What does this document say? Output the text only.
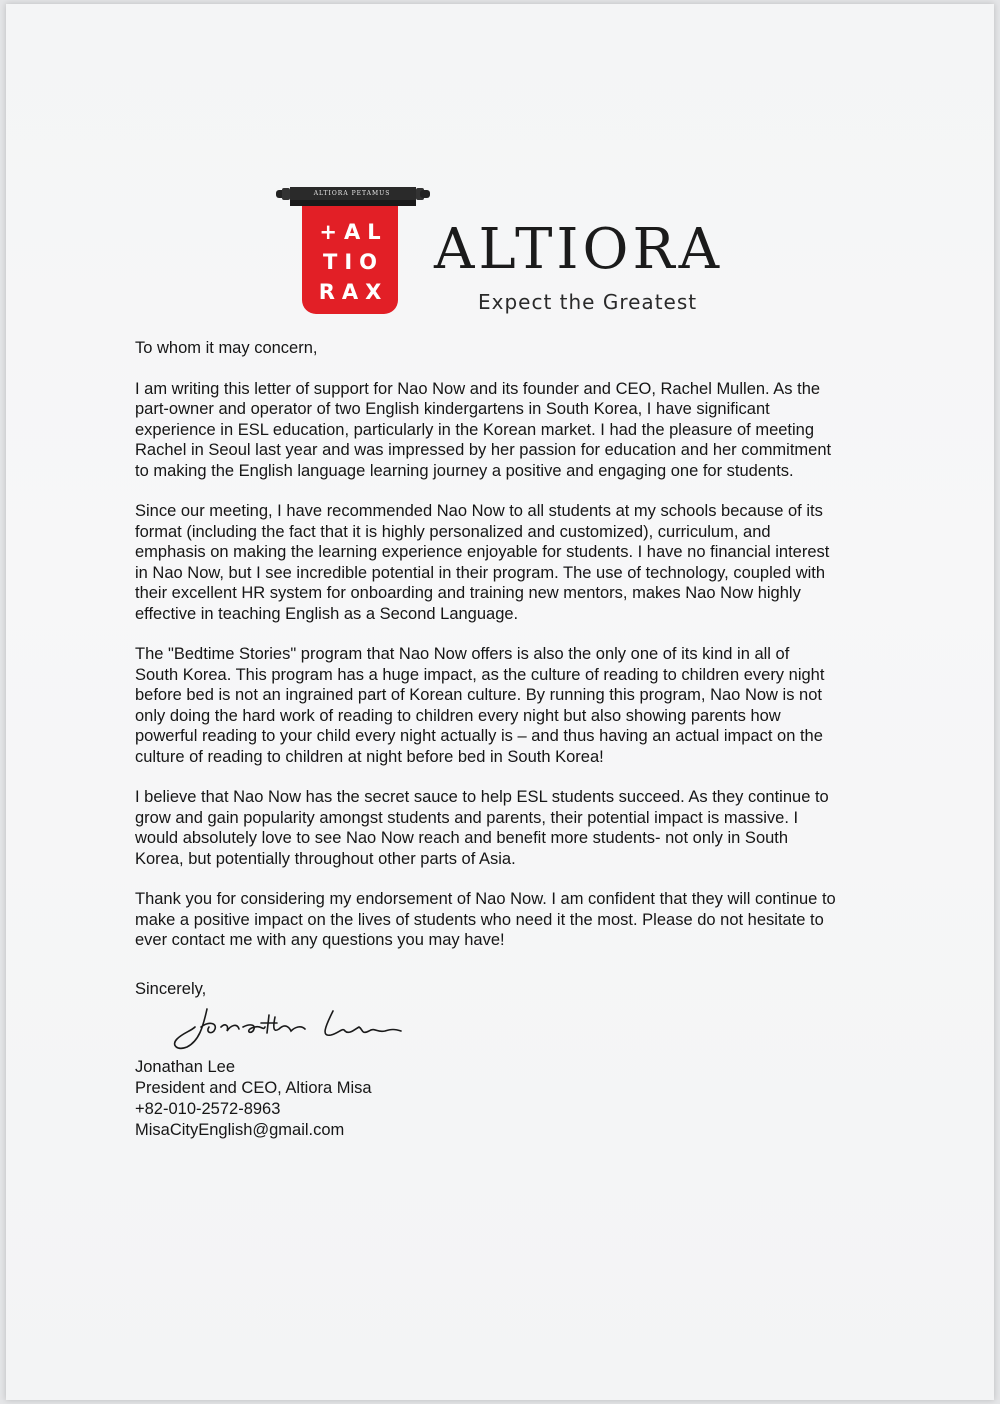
ALTIORA PETAMUS
+AL
TIO
RAX
ALTIORA
Expect the Greatest

To whom it may concern,

I am writing this letter of support for Nao Now and its founder and CEO, Rachel Mullen. As the
part-owner and operator of two English kindergartens in South Korea, I have significant
experience in ESL education, particularly in the Korean market. I had the pleasure of meeting
Rachel in Seoul last year and was impressed by her passion for education and her commitment
to making the English language learning journey a positive and engaging one for students.

Since our meeting, I have recommended Nao Now to all students at my schools because of its
format (including the fact that it is highly personalized and customized), curriculum, and
emphasis on making the learning experience enjoyable for students. I have no financial interest
in Nao Now, but I see incredible potential in their program. The use of technology, coupled with
their excellent HR system for onboarding and training new mentors, makes Nao Now highly
effective in teaching English as a Second Language.

The "Bedtime Stories" program that Nao Now offers is also the only one of its kind in all of
South Korea. This program has a huge impact, as the culture of reading to children every night
before bed is not an ingrained part of Korean culture. By running this program, Nao Now is not
only doing the hard work of reading to children every night but also showing parents how
powerful reading to your child every night actually is – and thus having an actual impact on the
culture of reading to children at night before bed in South Korea!

I believe that Nao Now has the secret sauce to help ESL students succeed. As they continue to
grow and gain popularity amongst students and parents, their potential impact is massive. I
would absolutely love to see Nao Now reach and benefit more students- not only in South
Korea, but potentially throughout other parts of Asia.

Thank you for considering my endorsement of Nao Now. I am confident that they will continue to
make a positive impact on the lives of students who need it the most. Please do not hesitate to
ever contact me with any questions you may have!

Sincerely,

Jonathan Lee
President and CEO, Altiora Misa
+82-010-2572-8963
MisaCityEnglish@gmail.com
